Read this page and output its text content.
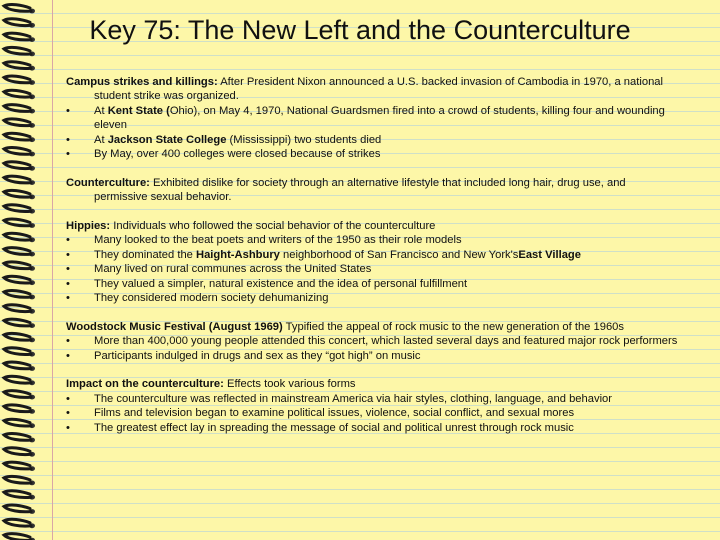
Key 75: The New Left and the Counterculture
Campus strikes and killings: After President Nixon announced a U.S. backed invasion of Cambodia in 1970, a national student strike was organized.
• At Kent State (Ohio), on May 4, 1970, National Guardsmen fired into a crowd of students, killing four and wounding eleven
• At Jackson State College (Mississippi) two students died
• By May, over 400 colleges were closed because of strikes
Counterculture: Exhibited dislike for society through an alternative lifestyle that included long hair, drug use, and permissive sexual behavior.
Hippies: Individuals who followed the social behavior of the counterculture
• Many looked to the beat poets and writers of the 1950 as their role models
• They dominated the Haight-Ashbury neighborhood of San Francisco and New York'sEast Village
• Many lived on rural communes across the United States
• They valued a simpler, natural existence and the idea of personal fulfillment
• They considered modern society dehumanizing
Woodstock Music Festival (August 1969) Typified the appeal of rock music to the new generation of the 1960s
• More than 400,000 young people attended this concert, which lasted several days and featured major rock performers
• Participants indulged in drugs and sex as they “got high” on music
Impact on the counterculture: Effects took various forms
• The counterculture was reflected in mainstream America via hair styles, clothing, language, and behavior
• Films and television began to examine political issues, violence, social conflict, and sexual mores
• The greatest effect lay in spreading the message of social and political unrest through rock music
